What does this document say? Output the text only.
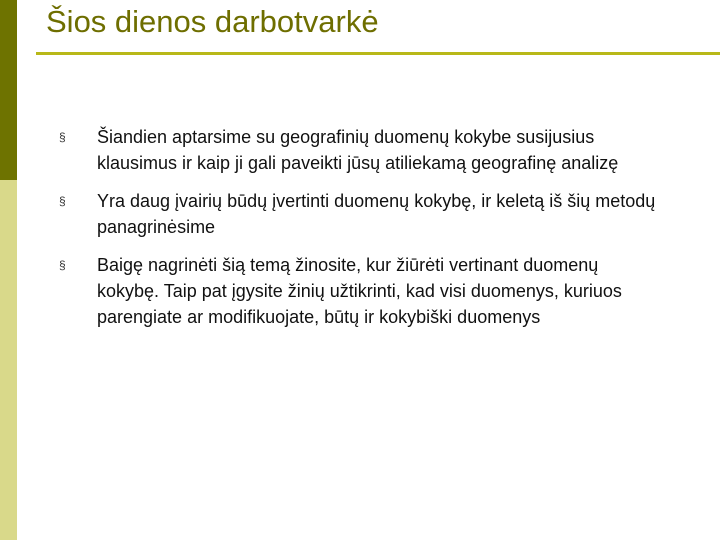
Šios dienos darbotvarkė
§ Šiandien aptarsime su geografinių duomenų kokybe susijusius klausimus ir kaip ji gali paveikti jūsų atiliekamą geografinę analizę
§ Yra daug įvairių būdų įvertinti duomenų kokybę, ir keletą iš šių metodų panagrinėsime
§ Baigę nagrinėti šią temą žinosite, kur žiūrėti vertinant duomenų kokybę. Taip pat įgysite žinių užtikrinti, kad visi duomenys, kuriuos parengiate ar modifikuojate, būtų ir kokybiški duomenys
